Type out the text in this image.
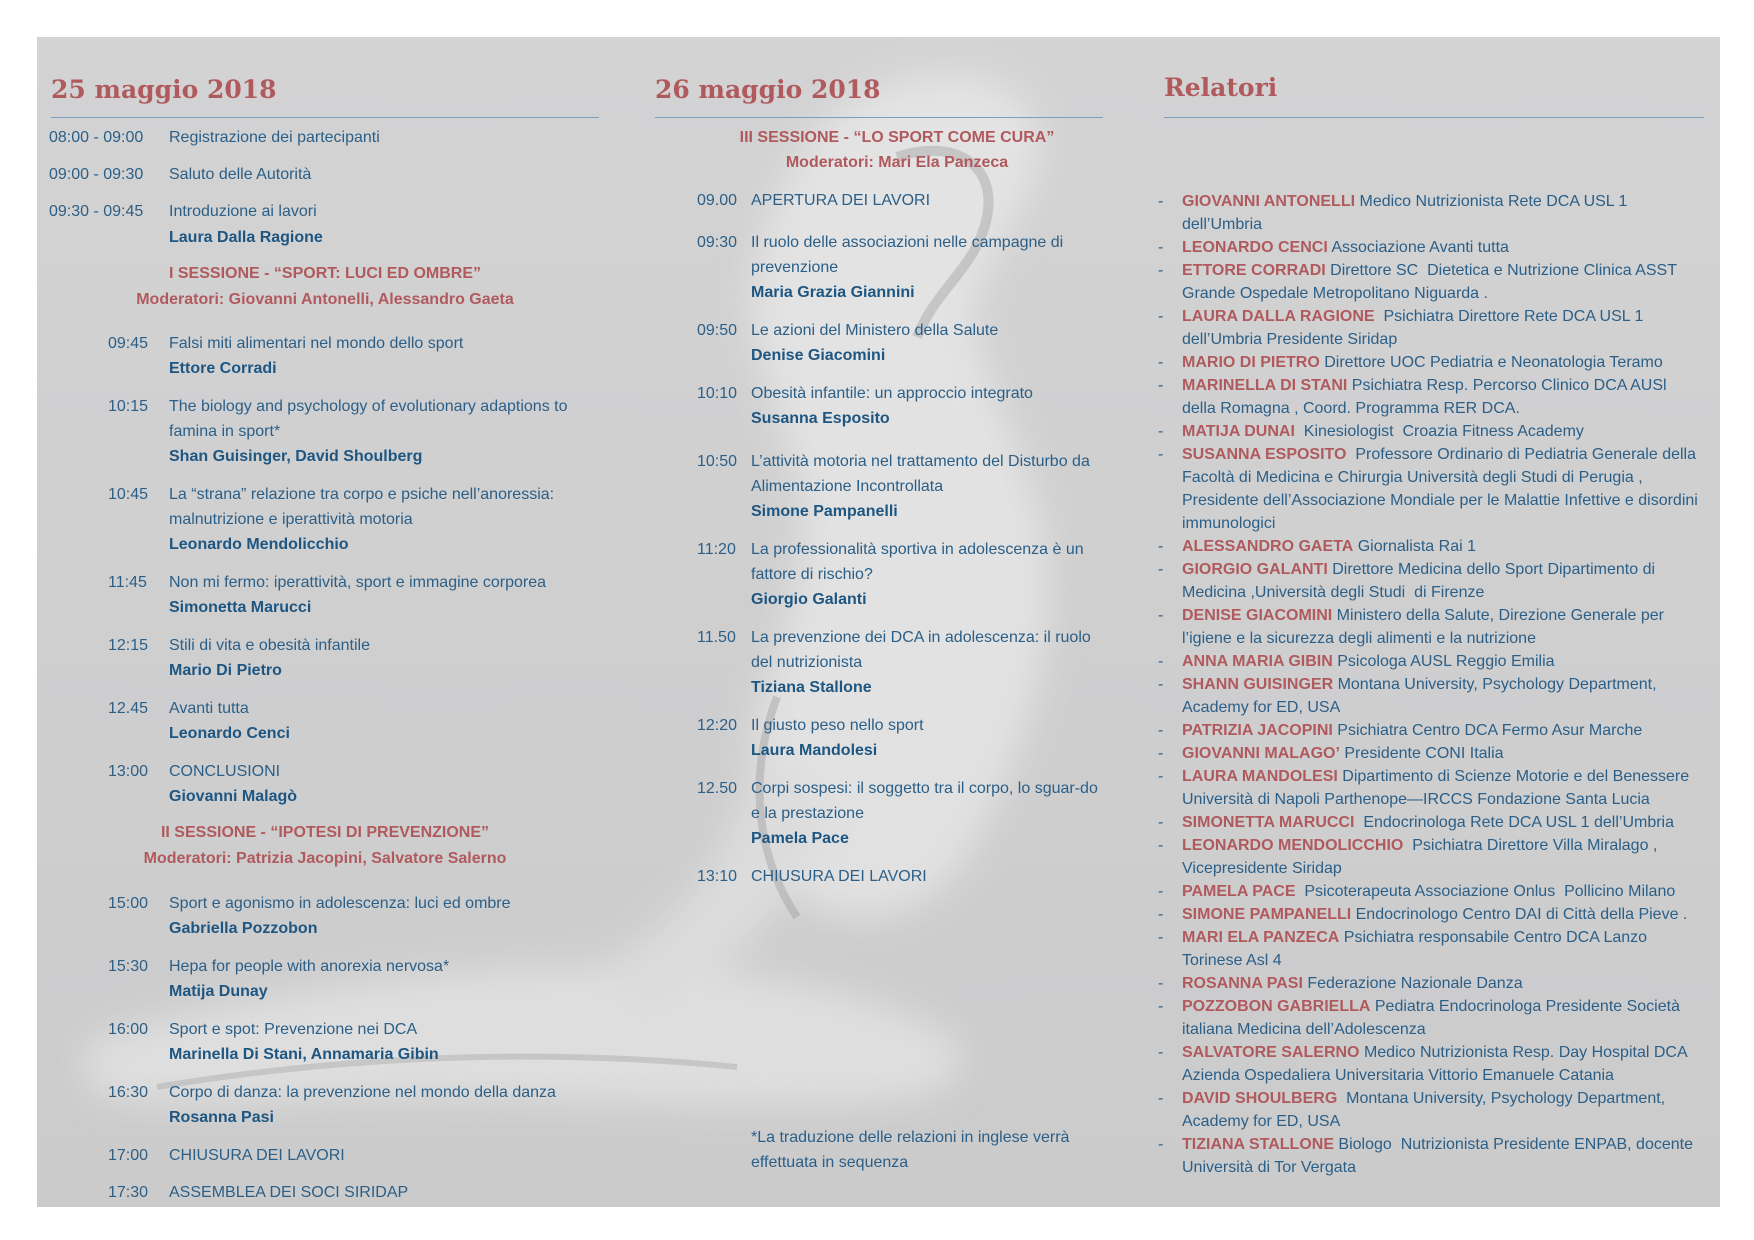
25 maggio 2018
08:00 - 09:00 Registrazione dei partecipanti
09:00 - 09:30 Saluto delle Autorità
09:30 - 09:45 Introduzione ai lavori
Laura Dalla Ragione
I SESSIONE - “SPORT: LUCI ED OMBRE”
Moderatori: Giovanni Antonelli, Alessandro Gaeta
09:45 Falsi miti alimentari nel mondo dello sport
Ettore Corradi
10:15 The biology and psychology of evolutionary adaptions to famina in sport*
Shan Guisinger, David Shoulberg
10:45 La “strana” relazione tra corpo e psiche nell’anoressia: malnutrizione e iperattività motoria
Leonardo Mendolicchio
11:45 Non mi fermo: iperattività, sport e immagine corporea
Simonetta Marucci
12:15 Stili di vita e obesità infantile
Mario Di Pietro
12.45 Avanti tutta
Leonardo Cenci
13:00 CONCLUSIONI
Giovanni Malagò
II SESSIONE - “IPOTESI DI PREVENZIONE”
Moderatori: Patrizia Jacopini, Salvatore Salerno
15:00 Sport e agonismo in adolescenza: luci ed ombre
Gabriella Pozzobon
15:30 Hepa for people with anorexia nervosa*
Matija Dunay
16:00 Sport e spot: Prevenzione nei DCA
Marinella Di Stani, Annamaria Gibin
16:30 Corpo di danza: la prevenzione nel mondo della danza
Rosanna Pasi
17:00 CHIUSURA DEI LAVORI
17:30 ASSEMBLEA DEI SOCI SIRIDAP
26 maggio 2018
III SESSIONE - “LO SPORT COME CURA”
Moderatori: Mari Ela Panzeca
09.00 APERTURA DEI LAVORI
09:30 Il ruolo delle associazioni nelle campagne di prevenzione
Maria Grazia Giannini
09:50 Le azioni del Ministero della Salute
Denise Giacomini
10:10 Obesità infantile: un approccio integrato
Susanna Esposito
10:50 L’attività motoria nel trattamento del Disturbo da Alimentazione Incontrollata
Simone Pampanelli
11:20 La professionalità sportiva in adolescenza è un fattore di rischio?
Giorgio Galanti
11.50 La prevenzione dei DCA in adolescenza: il ruolo del nutrizionista
Tiziana Stallone
12:20 Il giusto peso nello sport
Laura Mandolesi
12.50 Corpi sospesi: il soggetto tra il corpo, lo sguar-do e la prestazione
Pamela Pace
13:10 CHIUSURA DEI LAVORI
*La traduzione delle relazioni in inglese verrà effettuata in sequenza
Relatori
- GIOVANNI ANTONELLI Medico Nutrizionista Rete DCA USL 1 dell’Umbria
- LEONARDO CENCI Associazione Avanti tutta
- ETTORE CORRADI Direttore SC  Dietetica e Nutrizione Clinica ASST Grande Ospedale Metropolitano Niguarda .
- LAURA DALLA RAGIONE  Psichiatra Direttore Rete DCA USL 1 dell’Umbria Presidente Siridap
- MARIO DI PIETRO Direttore UOC Pediatria e Neonatologia Teramo
- MARINELLA DI STANI Psichiatra Resp. Percorso Clinico DCA AUSl della Romagna , Coord. Programma RER DCA.
- MATIJA DUNAI  Kinesiologist  Croazia Fitness Academy
- SUSANNA ESPOSITO  Professore Ordinario di Pediatria Generale della Facoltà di Medicina e Chirurgia Università degli Studi di Perugia , Presidente dell’Associazione Mondiale per le Malattie Infettive e disordini immunologici
- ALESSANDRO GAETA Giornalista Rai 1
- GIORGIO GALANTI Direttore Medicina dello Sport Dipartimento di Medicina ,Università degli Studi  di Firenze
- DENISE GIACOMINI Ministero della Salute, Direzione Generale per l’igiene e la sicurezza degli alimenti e la nutrizione
- ANNA MARIA GIBIN Psicologa AUSL Reggio Emilia
- SHANN GUISINGER Montana University, Psychology Department, Academy for ED, USA
- PATRIZIA JACOPINI Psichiatra Centro DCA Fermo Asur Marche
- GIOVANNI MALAGO’ Presidente CONI Italia
- LAURA MANDOLESI Dipartimento di Scienze Motorie e del Benessere Università di Napoli Parthenope—IRCCS Fondazione Santa Lucia
- SIMONETTA MARUCCI  Endocrinologa Rete DCA USL 1 dell’Umbria
- LEONARDO MENDOLICCHIO  Psichiatra Direttore Villa Miralago , Vicepresidente Siridap
- PAMELA PACE  Psicoterapeuta Associazione Onlus  Pollicino Milano
- SIMONE PAMPANELLI Endocrinologo Centro DAI di Città della Pieve .
- MARI ELA PANZECA Psichiatra responsabile Centro DCA Lanzo Torinese Asl 4
- ROSANNA PASI Federazione Nazionale Danza
- POZZOBON GABRIELLA Pediatra Endocrinologa Presidente Società italiana Medicina dell’Adolescenza
- SALVATORE SALERNO Medico Nutrizionista Resp. Day Hospital DCA Azienda Ospedaliera Universitaria Vittorio Emanuele Catania
- DAVID SHOULBERG  Montana University, Psychology Department, Academy for ED, USA
- TIZIANA STALLONE Biologo  Nutrizionista Presidente ENPAB, docente Università di Tor Vergata
